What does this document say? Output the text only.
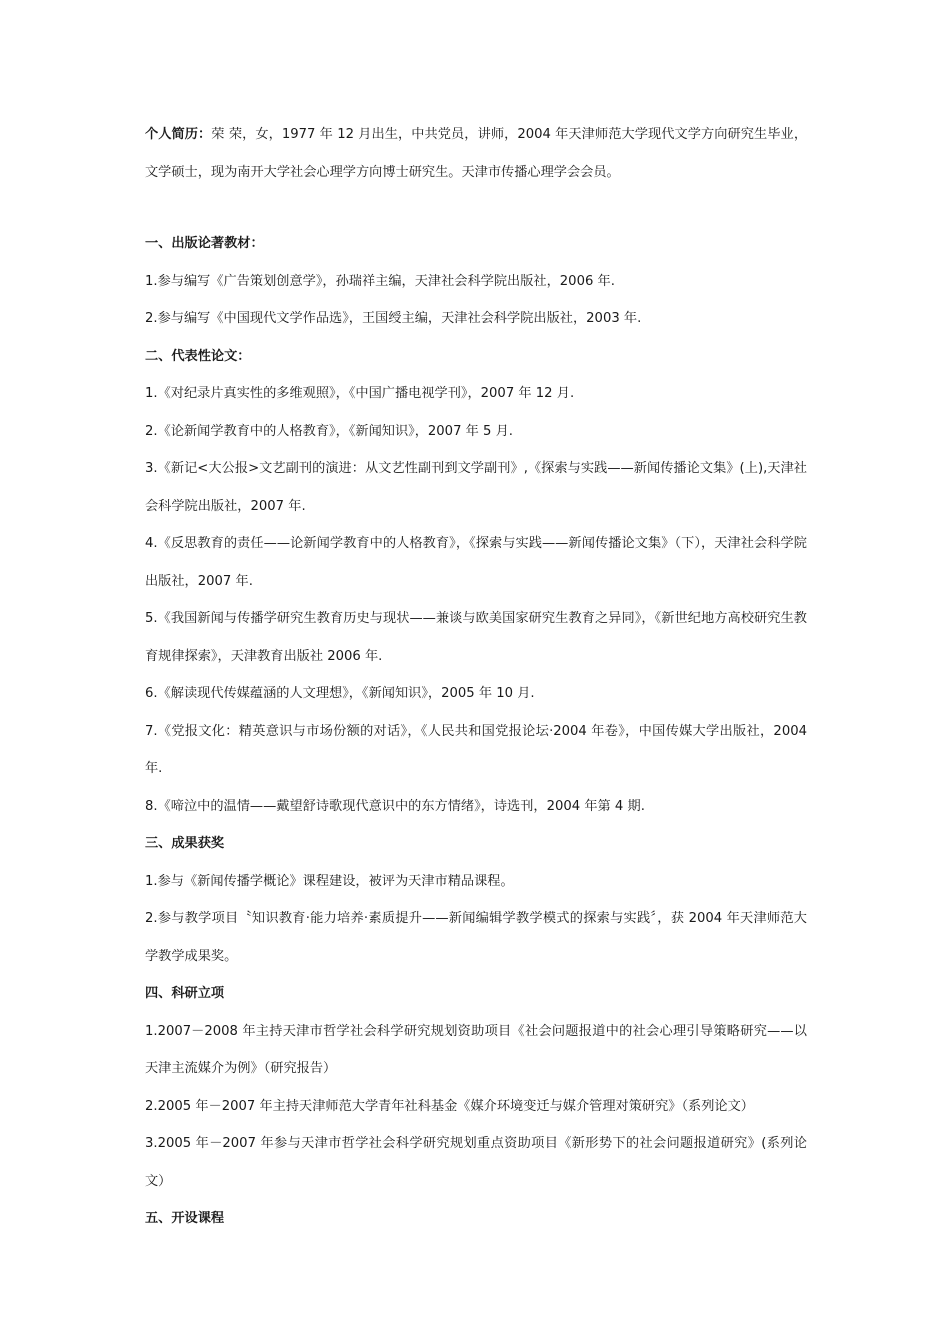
个人简历：荣 荣，女，1977 年 12 月出生，中共党员，讲师，2004 年天津师范大学现代文学方向研究生毕业，文学硕士，现为南开大学社会心理学方向博士研究生。天津市传播心理学会会员。

一、出版论著教材：

1.参与编写《广告策划创意学》，孙瑞祥主编，天津社会科学院出版社，2006 年.

2.参与编写《中国现代文学作品选》，王国绶主编，天津社会科学院出版社，2003 年.

二、代表性论文：

1.《对纪录片真实性的多维观照》，《中国广播电视学刊》，2007 年 12 月.

2.《论新闻学教育中的人格教育》，《新闻知识》，2007 年 5 月.

3.《新记<大公报>文艺副刊的演进：从文艺性副刊到文学副刊》,《探索与实践——新闻传播论文集》(上),天津社会科学院出版社，2007 年.

4.《反思教育的责任——论新闻学教育中的人格教育》，《探索与实践——新闻传播论文集》（下），天津社会科学院出版社，2007 年.

5.《我国新闻与传播学研究生教育历史与现状——兼谈与欧美国家研究生教育之异同》，《新世纪地方高校研究生教育规律探索》，天津教育出版社 2006 年.

6.《解读现代传媒蕴涵的人文理想》，《新闻知识》，2005 年 10 月.

7.《党报文化：精英意识与市场份额的对话》，《人民共和国党报论坛·2004 年卷》，中国传媒大学出版社，2004 年.

8.《啼泣中的温情——戴望舒诗歌现代意识中的东方情绪》，诗选刊，2004 年第 4 期.

三、成果获奖

1.参与《新闻传播学概论》课程建设，被评为天津市精品课程。

2.参与教学项目〝知识教育·能力培养·素质提升——新闻编辑学教学模式的探索与实践〞，获 2004 年天津师范大学教学成果奖。

四、科研立项

1.2007－2008 年主持天津市哲学社会科学研究规划资助项目《社会问题报道中的社会心理引导策略研究——以天津主流媒介为例》（研究报告）

2.2005 年－2007 年主持天津师范大学青年社科基金《媒介环境变迁与媒介管理对策研究》（系列论文）

3.2005 年－2007 年参与天津市哲学社会科学研究规划重点资助项目《新形势下的社会问题报道研究》(系列论文）

五、开设课程
